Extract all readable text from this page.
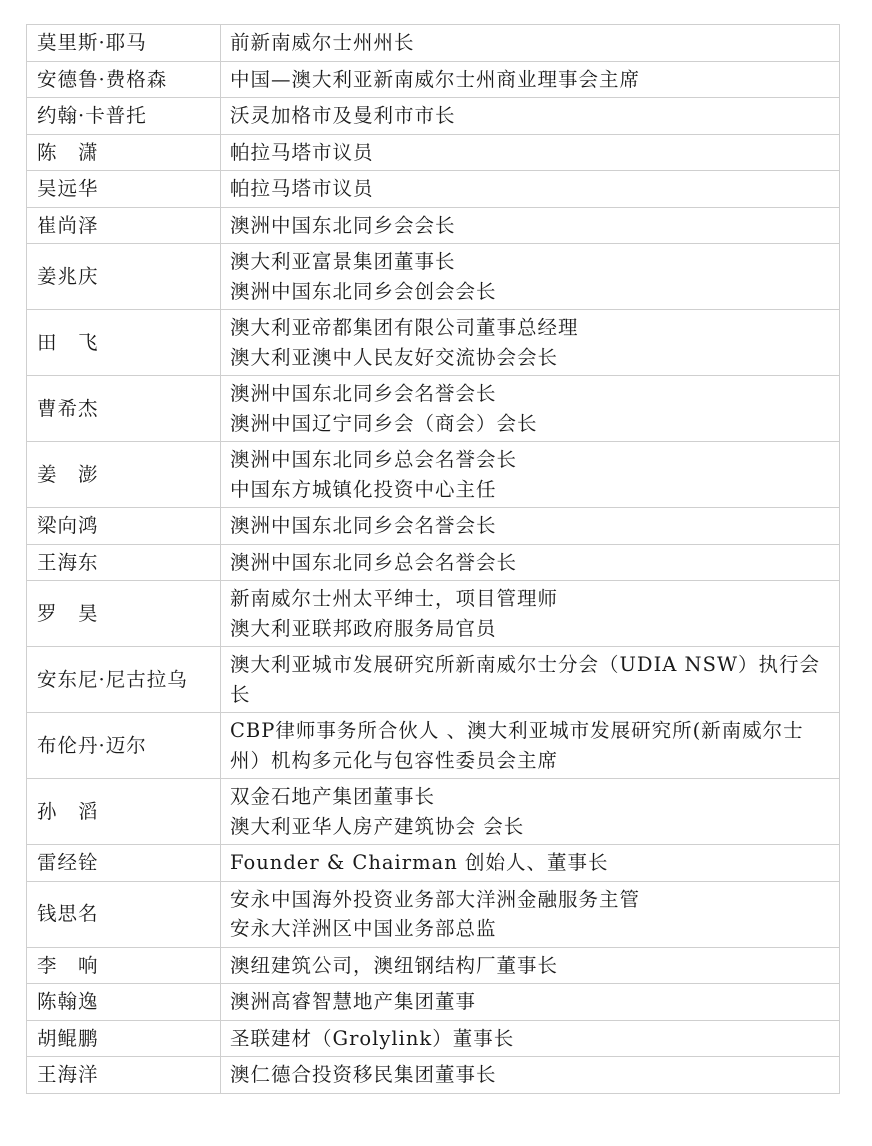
莫里斯·耶马	前新南威尔士州州长

安德鲁·费格森	中国—澳大利亚新南威尔士州商业理事会主席

约翰·卡普托	沃灵加格市及曼利市市长

陈　潇	帕拉马塔市议员

吴远华	帕拉马塔市议员

崔尚泽	澳洲中国东北同乡会会长

姜兆庆	澳大利亚富景集团董事长
澳洲中国东北同乡会创会会长

田　飞	澳大利亚帝都集团有限公司董事总经理
澳大利亚澳中人民友好交流协会会长

曹希杰	澳洲中国东北同乡会名誉会长
澳洲中国辽宁同乡会（商会）会长

姜　澎	澳洲中国东北同乡总会名誉会长
中国东方城镇化投资中心主任

梁向鸿	澳洲中国东北同乡会名誉会长

王海东	澳洲中国东北同乡总会名誉会长

罗　昊	新南威尔士州太平绅士，项目管理师
澳大利亚联邦政府服务局官员

安东尼·尼古拉乌	澳大利亚城市发展研究所新南威尔士分会（UDIA NSW）执行会长

布伦丹·迈尔	CBP律师事务所合伙人 、澳大利亚城市发展研究所(新南威尔士州）机构多元化与包容性委员会主席

孙　滔	双金石地产集团董事长
澳大利亚华人房产建筑协会 会长

雷经铨	Founder & Chairman 创始人、董事长

钱思名	安永中国海外投资业务部大洋洲金融服务主管
安永大洋洲区中国业务部总监

李　响	澳纽建筑公司，澳纽钢结构厂董事长

陈翰逸	澳洲高睿智慧地产集团董事

胡鲲鹏	圣联建材（Grolylink）董事长

王海洋	澳仁德合投资移民集团董事长
